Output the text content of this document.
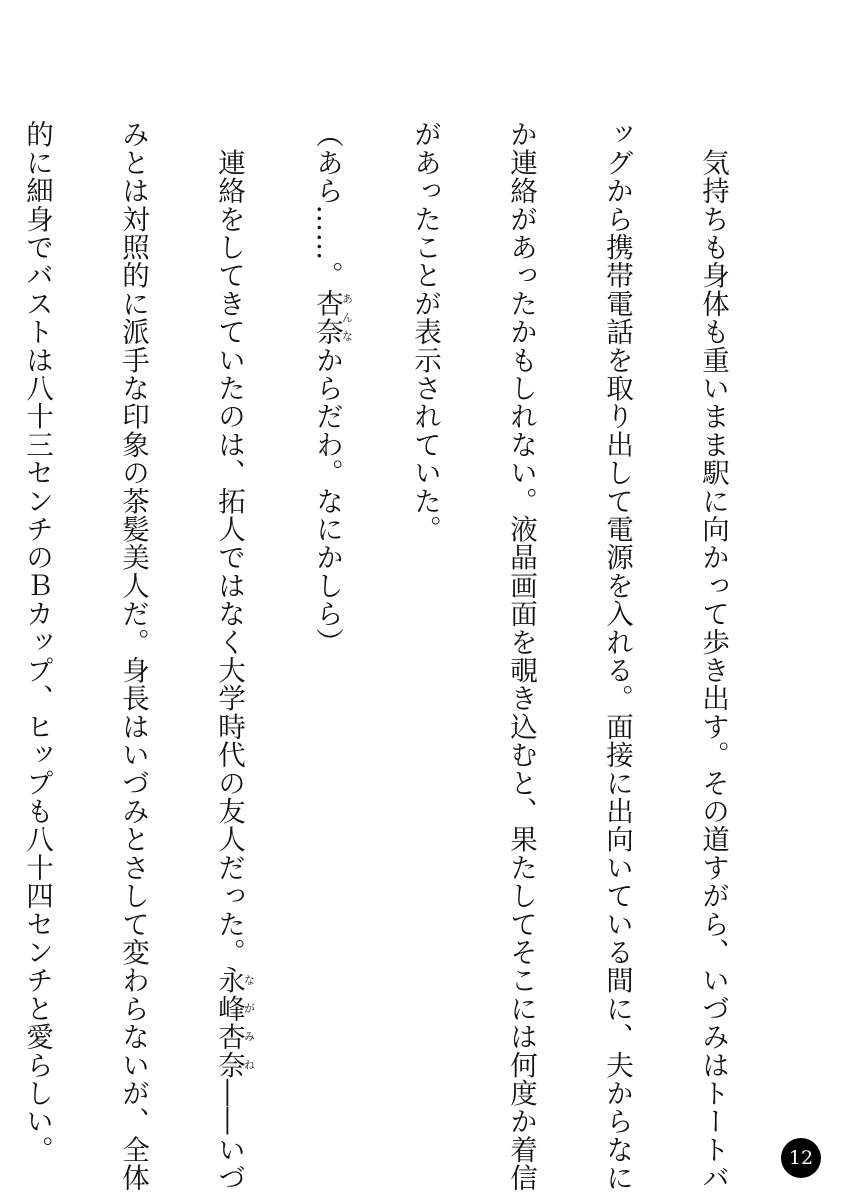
　気持ちも身体も重いまま駅に向かって歩き出す。その道すがら、いづみはトートバ

ッグから携帯電話を取り出して電源を入れる。面接に出向いている間に、夫からなに

か連絡があったかもしれない。液晶画面を覗き込むと、果たしてそこには何度か着信

があったことが表示されていた。

（あら……。杏奈あんなからだわ。なにかしら）

　連絡をしてきていたのは、拓人ではなく大学時代の友人だった。永峰杏奈ながみね――いづ

みとは対照的に派手な印象の茶髪美人だ。身長はいづみとさして変わらないが、全体

的に細身でバストは八十三センチのＢカップ、ヒップも八十四センチと愛らしい。

	12
